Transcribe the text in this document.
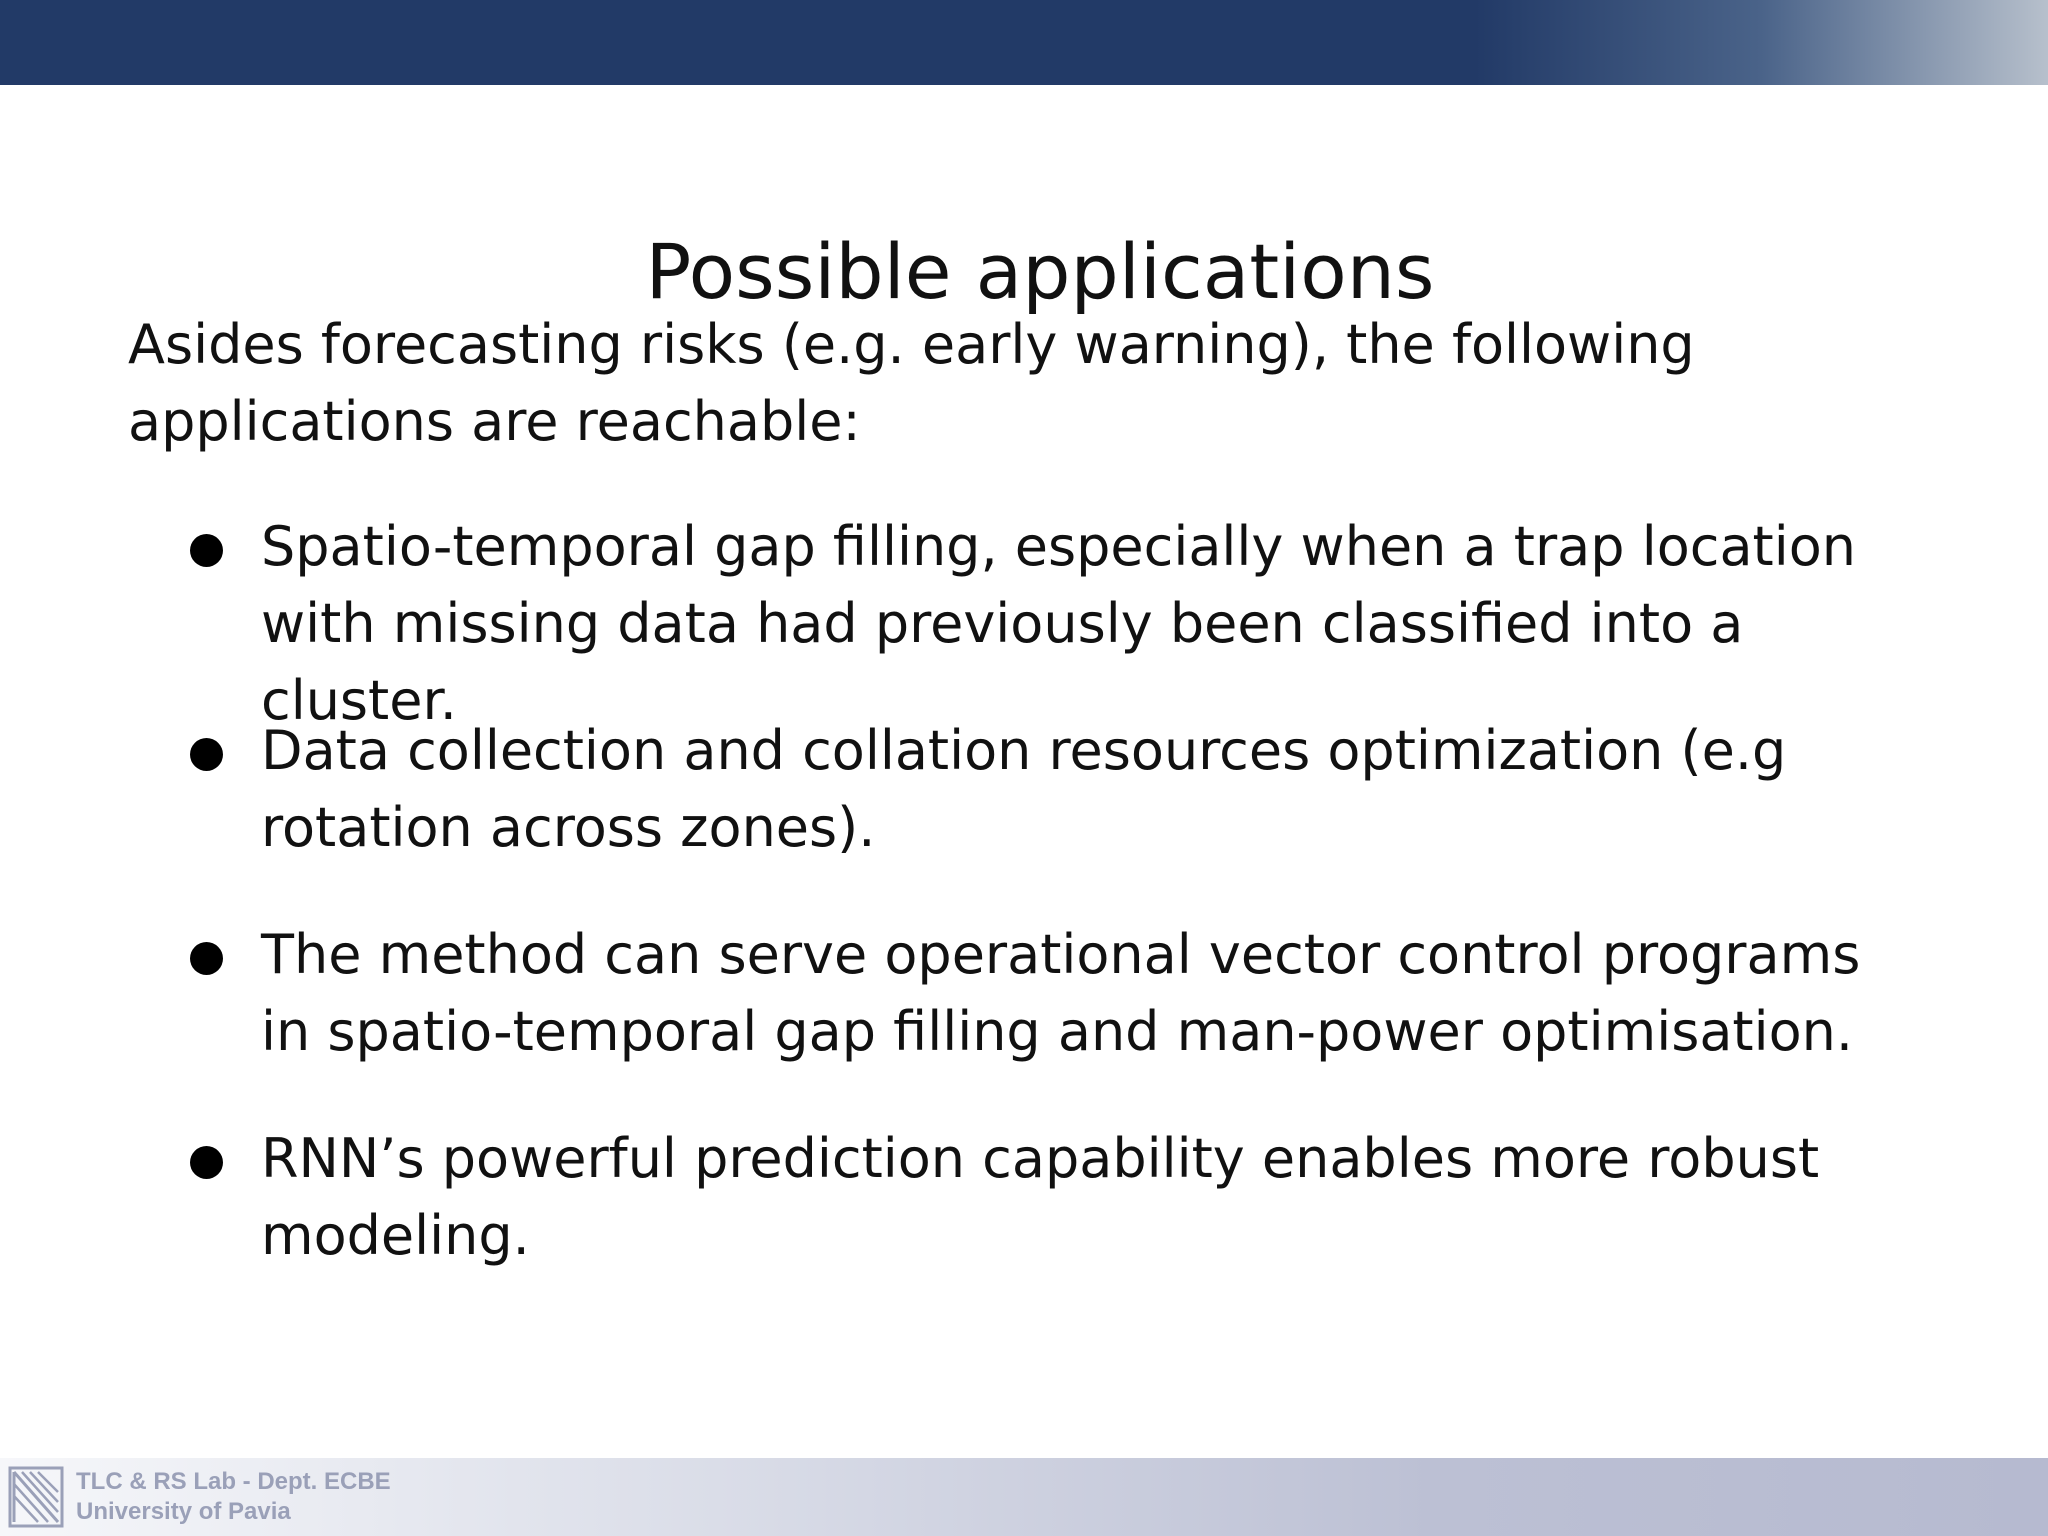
Possible applications

Asides forecasting risks (e.g. early warning), the following applications are reachable:

Spatio-temporal gap filling, especially when a trap location with missing data had previously been classified into a cluster.

Data collection and collation resources optimization (e.g rotation across zones).

The method can serve operational vector control programs in spatio-temporal gap filling and man-power optimisation.

RNN’s powerful prediction capability enables more robust modeling.

TLC & RS Lab - Dept. ECBE

University of Pavia
